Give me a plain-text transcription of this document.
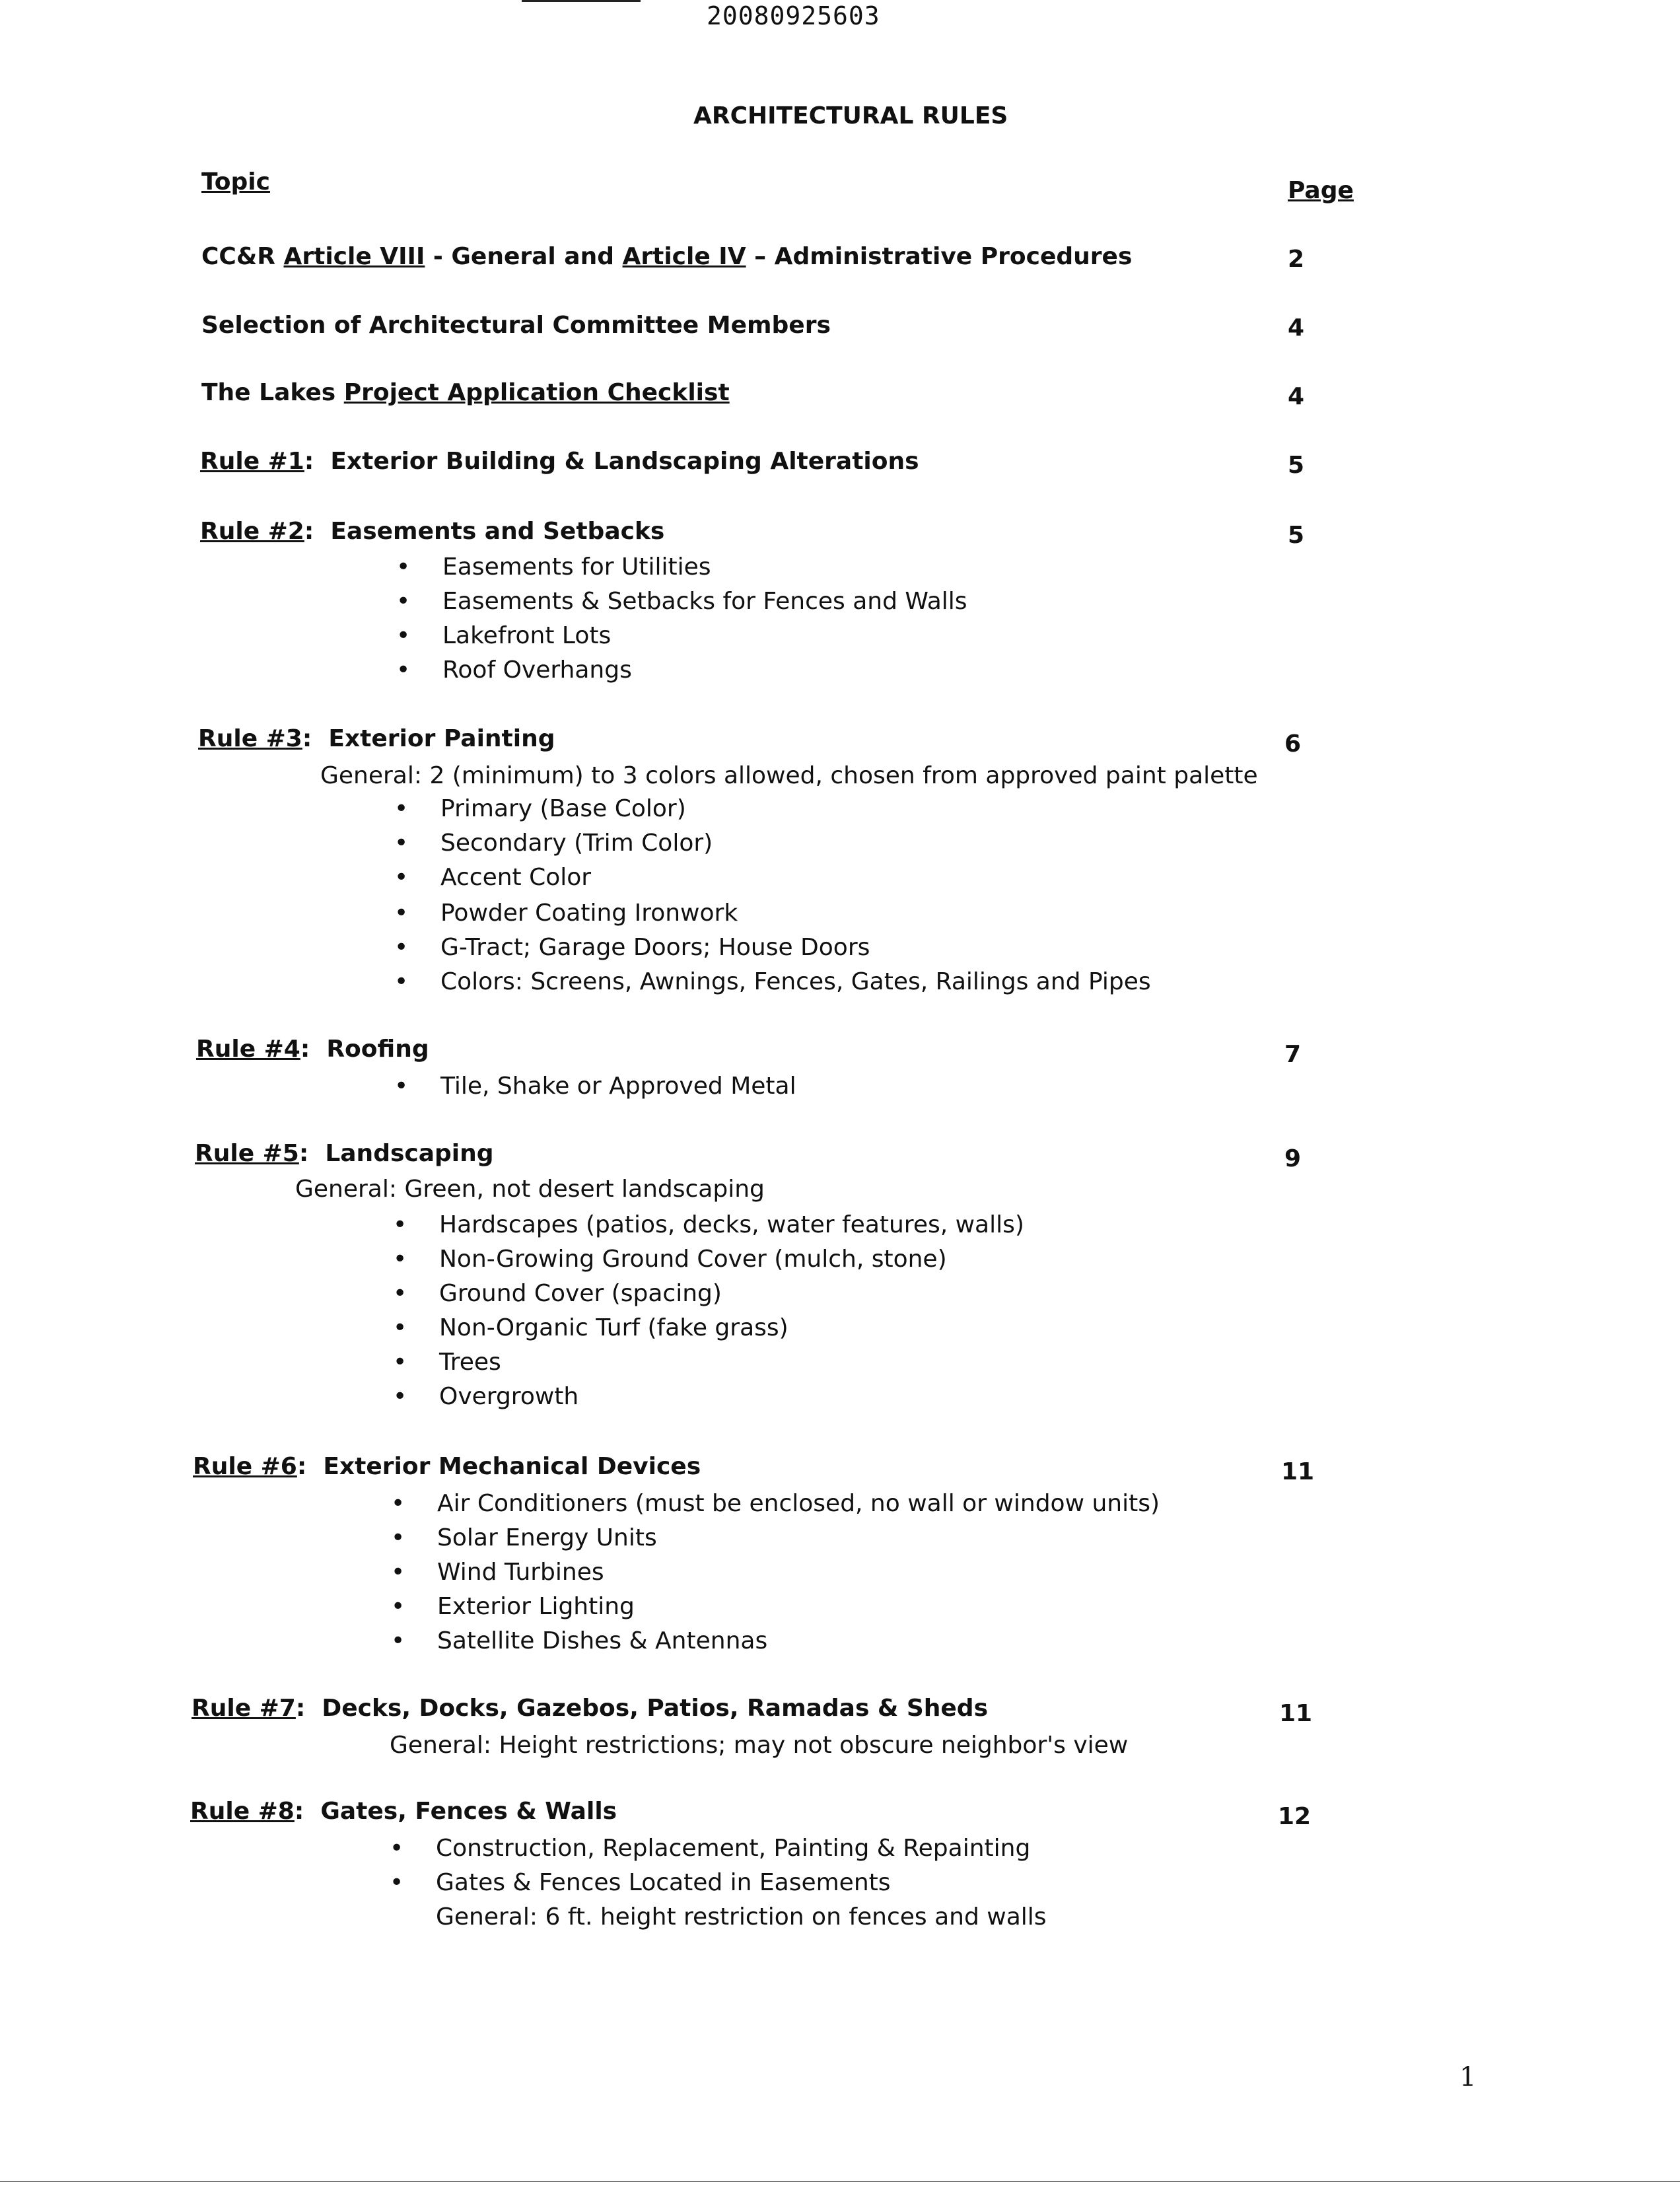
20080925603
ARCHITECTURAL RULES
Topic	Page
CC&R Article VIII - General and Article IV – Administrative Procedures	2
Selection of Architectural Committee Members	4
The Lakes Project Application Checklist	4
Rule #1:  Exterior Building & Landscaping Alterations	5
Rule #2:  Easements and Setbacks	5
• Easements for Utilities
• Easements & Setbacks for Fences and Walls
• Lakefront Lots
• Roof Overhangs
Rule #3:  Exterior Painting	6
General: 2 (minimum) to 3 colors allowed, chosen from approved paint palette
• Primary (Base Color)
• Secondary (Trim Color)
• Accent Color
• Powder Coating Ironwork
• G-Tract; Garage Doors; House Doors
• Colors: Screens, Awnings, Fences, Gates, Railings and Pipes
Rule #4:  Roofing	7
• Tile, Shake or Approved Metal
Rule #5:  Landscaping	9
General: Green, not desert landscaping
• Hardscapes (patios, decks, water features, walls)
• Non-Growing Ground Cover (mulch, stone)
• Ground Cover (spacing)
• Non-Organic Turf (fake grass)
• Trees
• Overgrowth
Rule #6:  Exterior Mechanical Devices	11
• Air Conditioners (must be enclosed, no wall or window units)
• Solar Energy Units
• Wind Turbines
• Exterior Lighting
• Satellite Dishes & Antennas
Rule #7:  Decks, Docks, Gazebos, Patios, Ramadas & Sheds	11
General: Height restrictions; may not obscure neighbor's view
Rule #8:  Gates, Fences & Walls	12
• Construction, Replacement, Painting & Repainting
• Gates & Fences Located in Easements
General: 6 ft. height restriction on fences and walls
1
